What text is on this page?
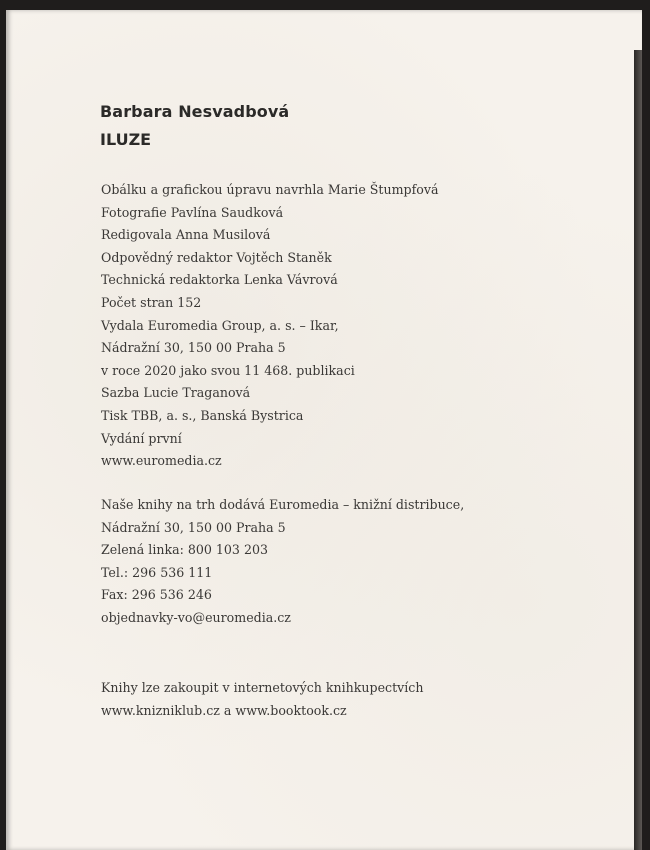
Barbara Nesvadbová
ILUZE
Obálku a grafickou úpravu navrhla Marie Štumpfová
Fotografie Pavlína Saudková
Redigovala Anna Musilová
Odpovědný redaktor Vojtěch Staněk
Technická redaktorka Lenka Vávrová
Počet stran 152
Vydala Euromedia Group, a. s. – Ikar,
Nádražní 30, 150 00 Praha 5
v roce 2020 jako svou 11 468. publikaci
Sazba Lucie Traganová
Tisk TBB, a. s., Banská Bystrica
Vydání první
www.euromedia.cz
Naše knihy na trh dodává Euromedia – knižní distribuce,
Nádražní 30, 150 00 Praha 5
Zelená linka: 800 103 203
Tel.: 296 536 111
Fax: 296 536 246
objednavky-vo@euromedia.cz
Knihy lze zakoupit v internetových knihkupectvích
www.knizniklub.cz a www.booktook.cz
